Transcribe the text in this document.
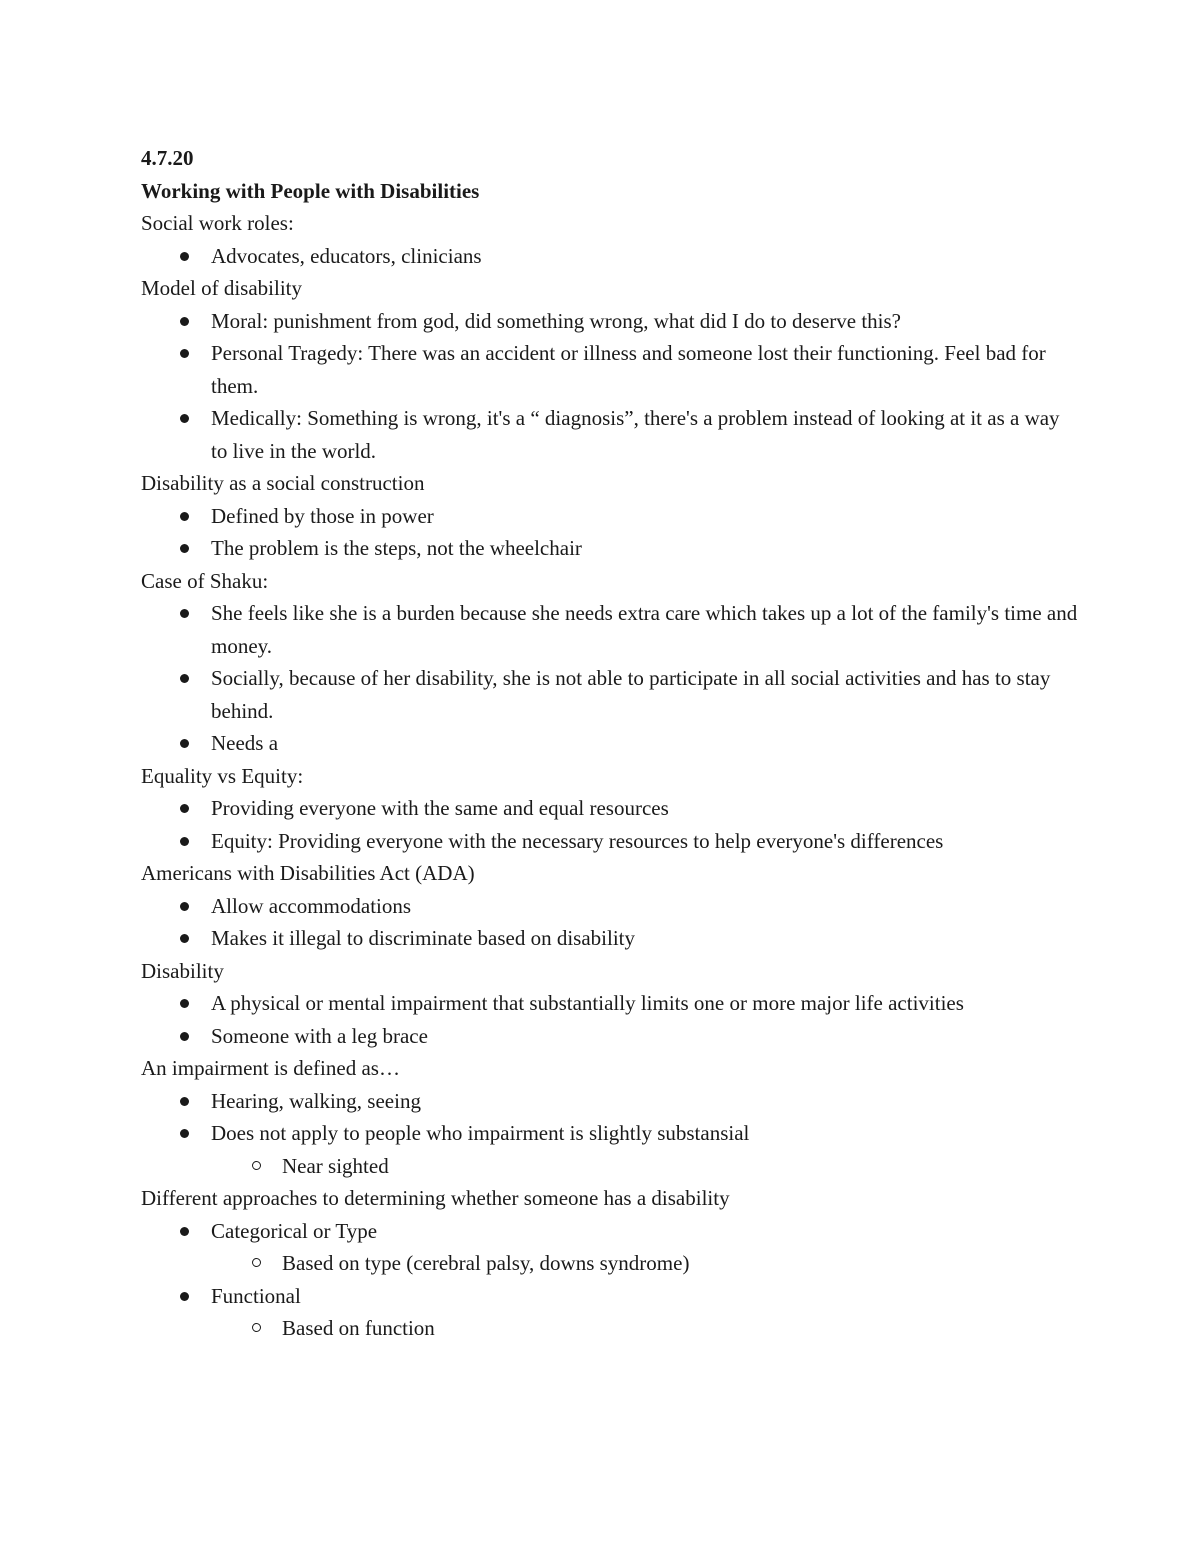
4.7.20

Working with People with Disabilities

Social work roles:

Advocates, educators, clinicians

Model of disability

Moral: punishment from god, did something wrong, what did I do to deserve this?
Personal Tragedy: There was an accident or illness and someone lost their functioning. Feel bad for them.
Medically: Something is wrong, it's a “ diagnosis”, there's a problem instead of looking at it as a way to live in the world.

Disability as a social construction

Defined by those in power
The problem is the steps, not the wheelchair

Case of Shaku:

She feels like she is a burden because she needs extra care which takes up a lot of the family's time and money.
Socially, because of her disability, she is not able to participate in all social activities and has to stay behind.
Needs a

Equality vs Equity:

Providing everyone with the same and equal resources
Equity: Providing everyone with the necessary resources to help everyone's differences

Americans with Disabilities Act (ADA)

Allow accommodations
Makes it illegal to discriminate based on disability

Disability

A physical or mental impairment that substantially limits one or more major life activities
Someone with a leg brace

An impairment is defined as…

Hearing, walking, seeing
Does not apply to people who impairment is slightly substansial
Near sighted

Different approaches to determining whether someone has a disability

Categorical or Type
Based on type (cerebral palsy, downs syndrome)
Functional
Based on function
